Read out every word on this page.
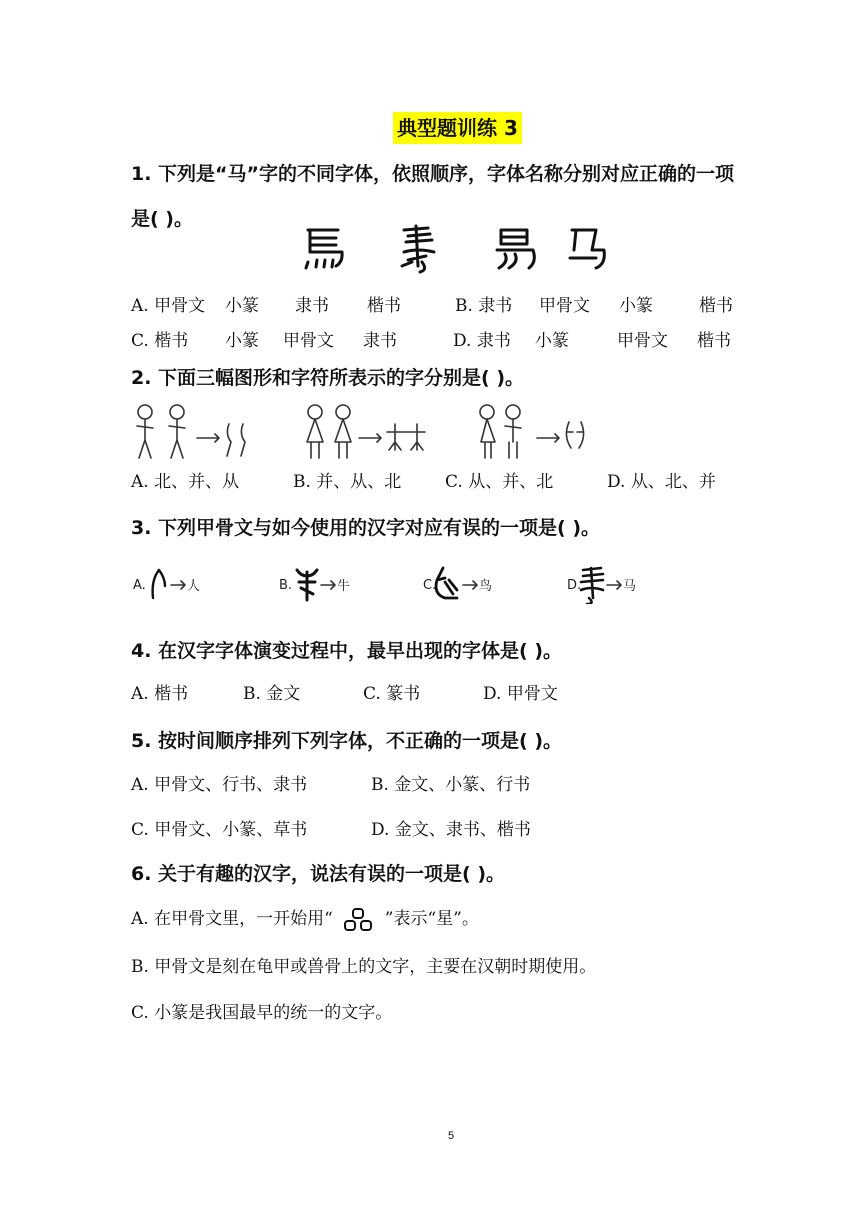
典型题训练 3
1. 下列是“马”字的不同字体，依照顺序，字体名称分别对应正确的一项
是( )。
A. 甲骨文 小篆 隶书 楷书	B. 隶书 甲骨文 小篆	楷书
C. 楷书 小篆 甲骨文 隶书	D. 隶书 小篆	甲骨文 楷书
2. 下面三幅图形和字符所表示的字分别是( )。
A. 北、并、从	B. 并、从、北	C. 从、并、北	D. 从、北、并
3. 下列甲骨文与如今使用的汉字对应有误的一项是( )。
A.	人	B.	牛	C.	鸟	D.	马
4. 在汉字字体演变过程中，最早出现的字体是( )。
A. 楷书	B. 金文	C. 篆书	D. 甲骨文
5. 按时间顺序排列下列字体，不正确的一项是( )。
A. 甲骨文、行书、隶书	B. 金文、小篆、行书
C. 甲骨文、小篆、草书	D. 金文、隶书、楷书
6. 关于有趣的汉字，说法有误的一项是( )。
A. 在甲骨文里，一开始用“	”表示“星”。
B. 甲骨文是刻在龟甲或兽骨上的文字，主要在汉朝时期使用。
C. 小篆是我国最早的统一的文字。
5
